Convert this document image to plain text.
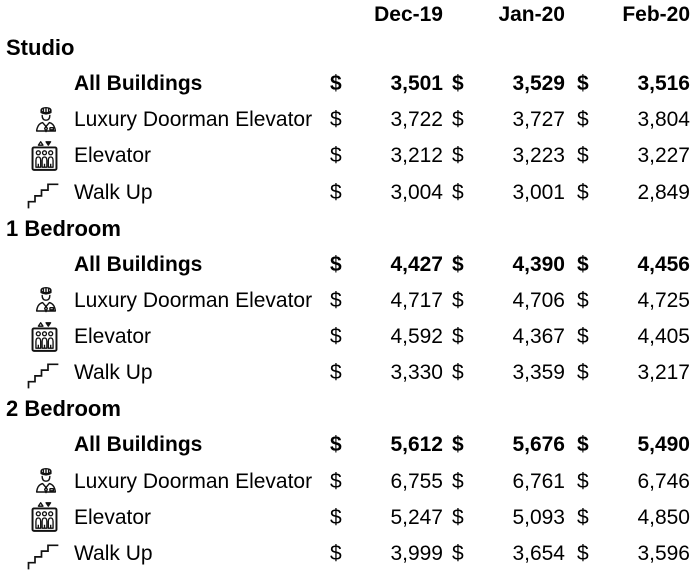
Dec-19	Jan-20	Feb-20
Studio
All Buildings	$	3,501 $	3,529 $	3,516
Luxury Doorman Elevator $	3,722 $	3,727 $	3,804
Elevator	$	3,212 $	3,223 $	3,227
Walk Up	$	3,004 $	3,001 $	2,849
1 Bedroom
All Buildings	$	4,427 $	4,390 $	4,456
Luxury Doorman Elevator $	4,717 $	4,706 $	4,725
Elevator	$	4,592 $	4,367 $	4,405
Walk Up	$	3,330 $	3,359 $	3,217
2 Bedroom
All Buildings	$	5,612 $	5,676 $	5,490
Luxury Doorman Elevator $	6,755 $	6,761 $	6,746
Elevator	$	5,247 $	5,093 $	4,850
Walk Up	$	3,999 $	3,654 $	3,596
